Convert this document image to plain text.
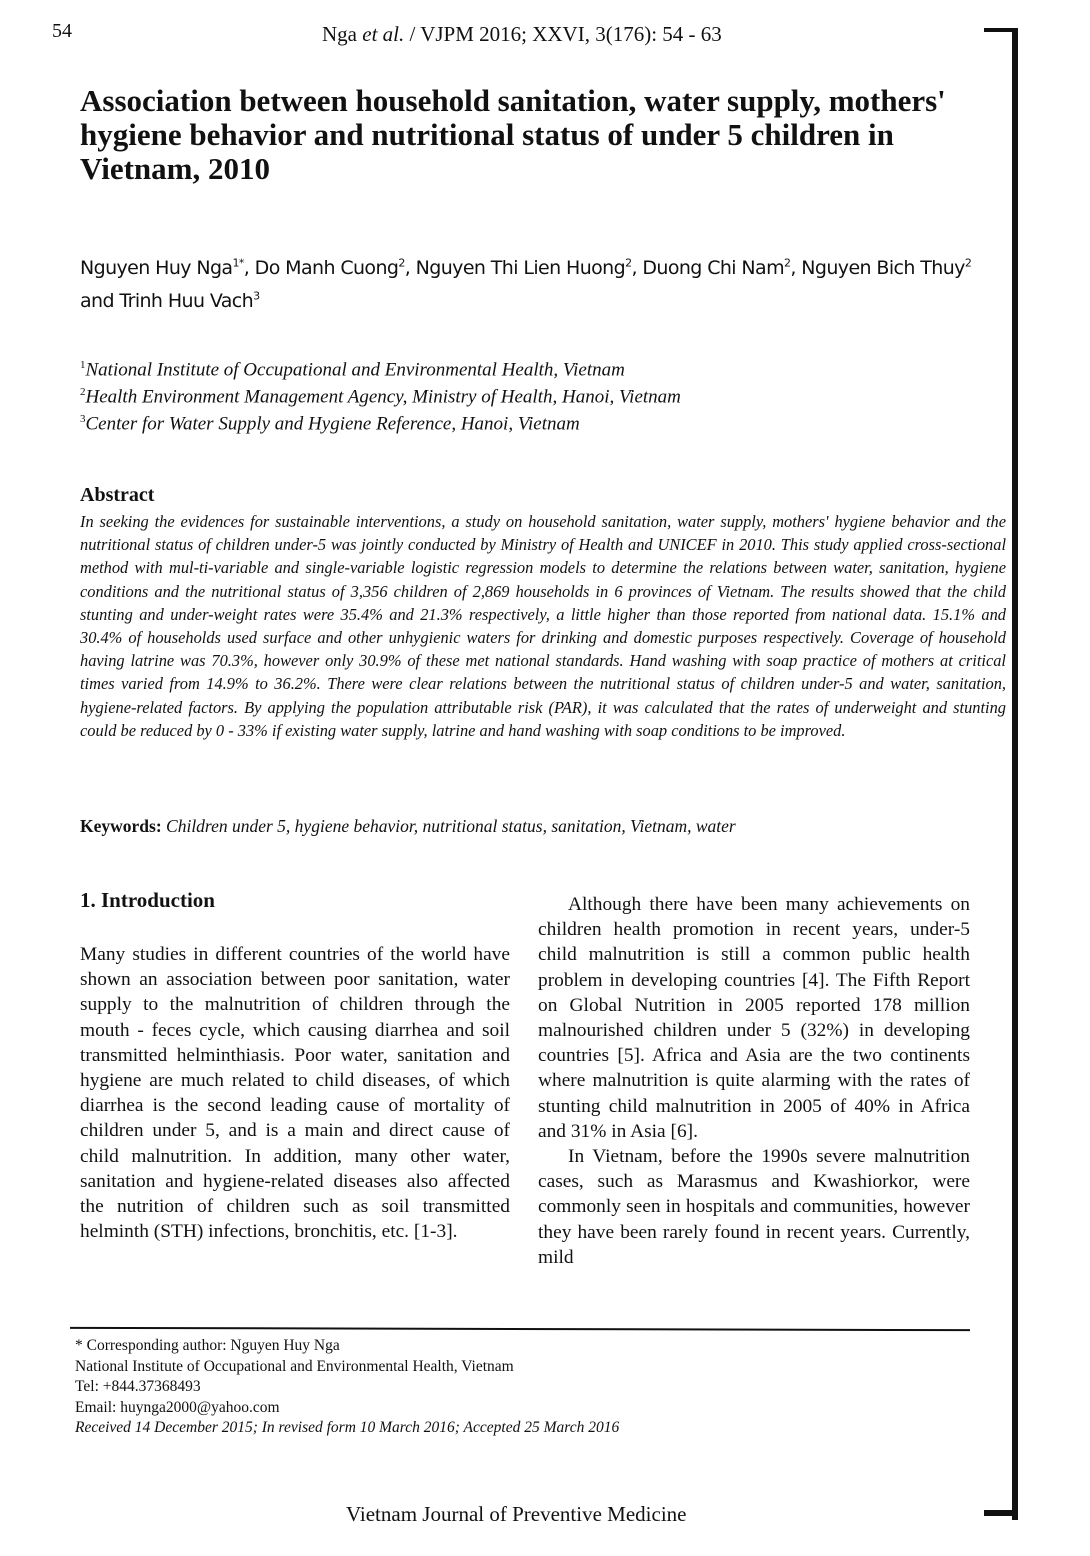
54	Nga et al. / VJPM 2016; XXVI, 3(176): 54 - 63
Association between household sanitation, water supply, mothers' hygiene behavior and nutritional status of under 5 children in Vietnam, 2010
Nguyen Huy Nga$^{1*}$, Do Manh Cuong$^2$, Nguyen Thi Lien Huong$^2$, Duong Chi Nam$^2$, Nguyen Bich Thuy$^2$ and Trinh Huu Vach$^3$
$^1$National Institute of Occupational and Environmental Health, Vietnam
$^2$Health Environment Management Agency, Ministry of Health, Hanoi, Vietnam
$^3$Center for Water Supply and Hygiene Reference, Hanoi, Vietnam
Abstract
In seeking the evidences for sustainable interventions, a study on household sanitation, water supply, mothers' hygiene behavior and the nutritional status of children under-5 was jointly conducted by Ministry of Health and UNICEF in 2010. This study applied cross-sectional method with mul-ti-variable and single-variable logistic regression models to determine the relations between water, sanitation, hygiene conditions and the nutritional status of 3,356 children of 2,869 households in 6 provinces of Vietnam. The results showed that the child stunting and under-weight rates were 35.4% and 21.3% respectively, a little higher than those reported from national data. 15.1% and 30.4% of households used surface and other unhygienic waters for drinking and domestic purposes respectively. Coverage of household having latrine was 70.3%, however only 30.9% of these met national standards. Hand washing with soap practice of mothers at critical times varied from 14.9% to 36.2%. There were clear relations between the nutritional status of children under-5 and water, sanitation, hygiene-related factors. By applying the population attributable risk (PAR), it was calculated that the rates of underweight and stunting could be reduced by 0 - 33% if existing water supply, latrine and hand washing with soap conditions to be improved.
Keywords: Children under 5, hygiene behavior, nutritional status, sanitation, Vietnam, water
1. Introduction

Many studies in different countries of the world have shown an association between poor sanitation, water supply to the malnutrition of children through the mouth - feces cycle, which causing diarrhea and soil transmitted helminthiasis. Poor water, sanitation and hygiene are much related to child diseases, of which diarrhea is the second leading cause of mortality of children under 5, and is a main and direct cause of child malnutrition. In addition, many other water, sanitation and hygiene-related diseases also affected the nutrition of children such as soil transmitted helminth (STH) infections, bronchitis, etc. [1-3].

Although there have been many achievements on children health promotion in recent years, under-5 child malnutrition is still a common public health problem in developing countries [4]. The Fifth Report on Global Nutrition in 2005 reported 178 million malnourished children under 5 (32%) in developing countries [5]. Africa and Asia are the two continents where malnutrition is quite alarming with the rates of stunting child malnutrition in 2005 of 40% in Africa and 31% in Asia [6].

In Vietnam, before the 1990s severe malnutrition cases, such as Marasmus and Kwashiorkor, were commonly seen in hospitals and communities, however they have been rarely found in recent years. Currently, mild

* Corresponding author: Nguyen Huy Nga
National Institute of Occupational and Environmental Health, Vietnam
Tel: +844.37368493
Email: huynga2000@yahoo.com
Received 14 December 2015; In revised form 10 March 2016; Accepted 25 March 2016
Vietnam Journal of Preventive Medicine
